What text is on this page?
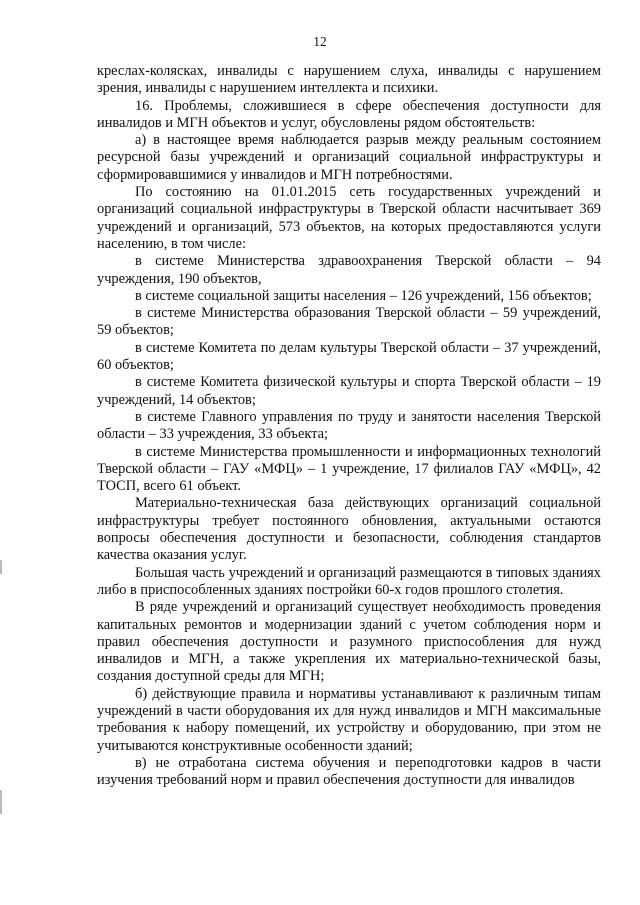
12

креслах-колясках, инвалиды с нарушением слуха, инвалиды с нарушением зрения, инвалиды с нарушением интеллекта и психики.

16. Проблемы, сложившиеся в сфере обеспечения доступности для инвалидов и МГН объектов и услуг, обусловлены рядом обстоятельств:

а) в настоящее время наблюдается разрыв между реальным состоянием ресурсной базы учреждений и организаций социальной инфраструктуры и сформировавшимися у инвалидов и МГН потребностями.

По состоянию на 01.01.2015 сеть государственных учреждений и организаций социальной инфраструктуры в Тверской области насчитывает 369 учреждений и организаций, 573 объектов, на которых предоставляются услуги населению, в том числе:

в системе Министерства здравоохранения Тверской области – 94 учреждения, 190 объектов,

в системе социальной защиты населения – 126 учреждений, 156 объектов;

в системе Министерства образования Тверской области – 59 учреждений, 59 объектов;

в системе Комитета по делам культуры Тверской области – 37 учреждений, 60 объектов;

в системе Комитета физической культуры и спорта Тверской области – 19 учреждений, 14 объектов;

в системе Главного управления по труду и занятости населения Тверской области – 33 учреждения, 33 объекта;

в системе Министерства промышленности и информационных технологий Тверской области – ГАУ «МФЦ» – 1 учреждение, 17 филиалов ГАУ «МФЦ», 42 ТОСП, всего 61 объект.

Материально-техническая база действующих организаций социальной инфраструктуры требует постоянного обновления, актуальными остаются вопросы обеспечения доступности и безопасности, соблюдения стандартов качества оказания услуг.

Большая часть учреждений и организаций размещаются в типовых зданиях либо в приспособленных зданиях постройки 60-х годов прошлого столетия.

В ряде учреждений и организаций существует необходимость проведения капитальных ремонтов и модернизации зданий с учетом соблюдения норм и правил обеспечения доступности и разумного приспособления для нужд инвалидов и МГН, а также укрепления их материально-технической базы, создания доступной среды для МГН;

б) действующие правила и нормативы устанавливают к различным типам учреждений в части оборудования их для нужд инвалидов и МГН максимальные требования к набору помещений, их устройству и оборудованию, при этом не учитываются конструктивные особенности зданий;

в) не отработана система обучения и переподготовки кадров в части изучения требований норм и правил обеспечения доступности для инвалидов
